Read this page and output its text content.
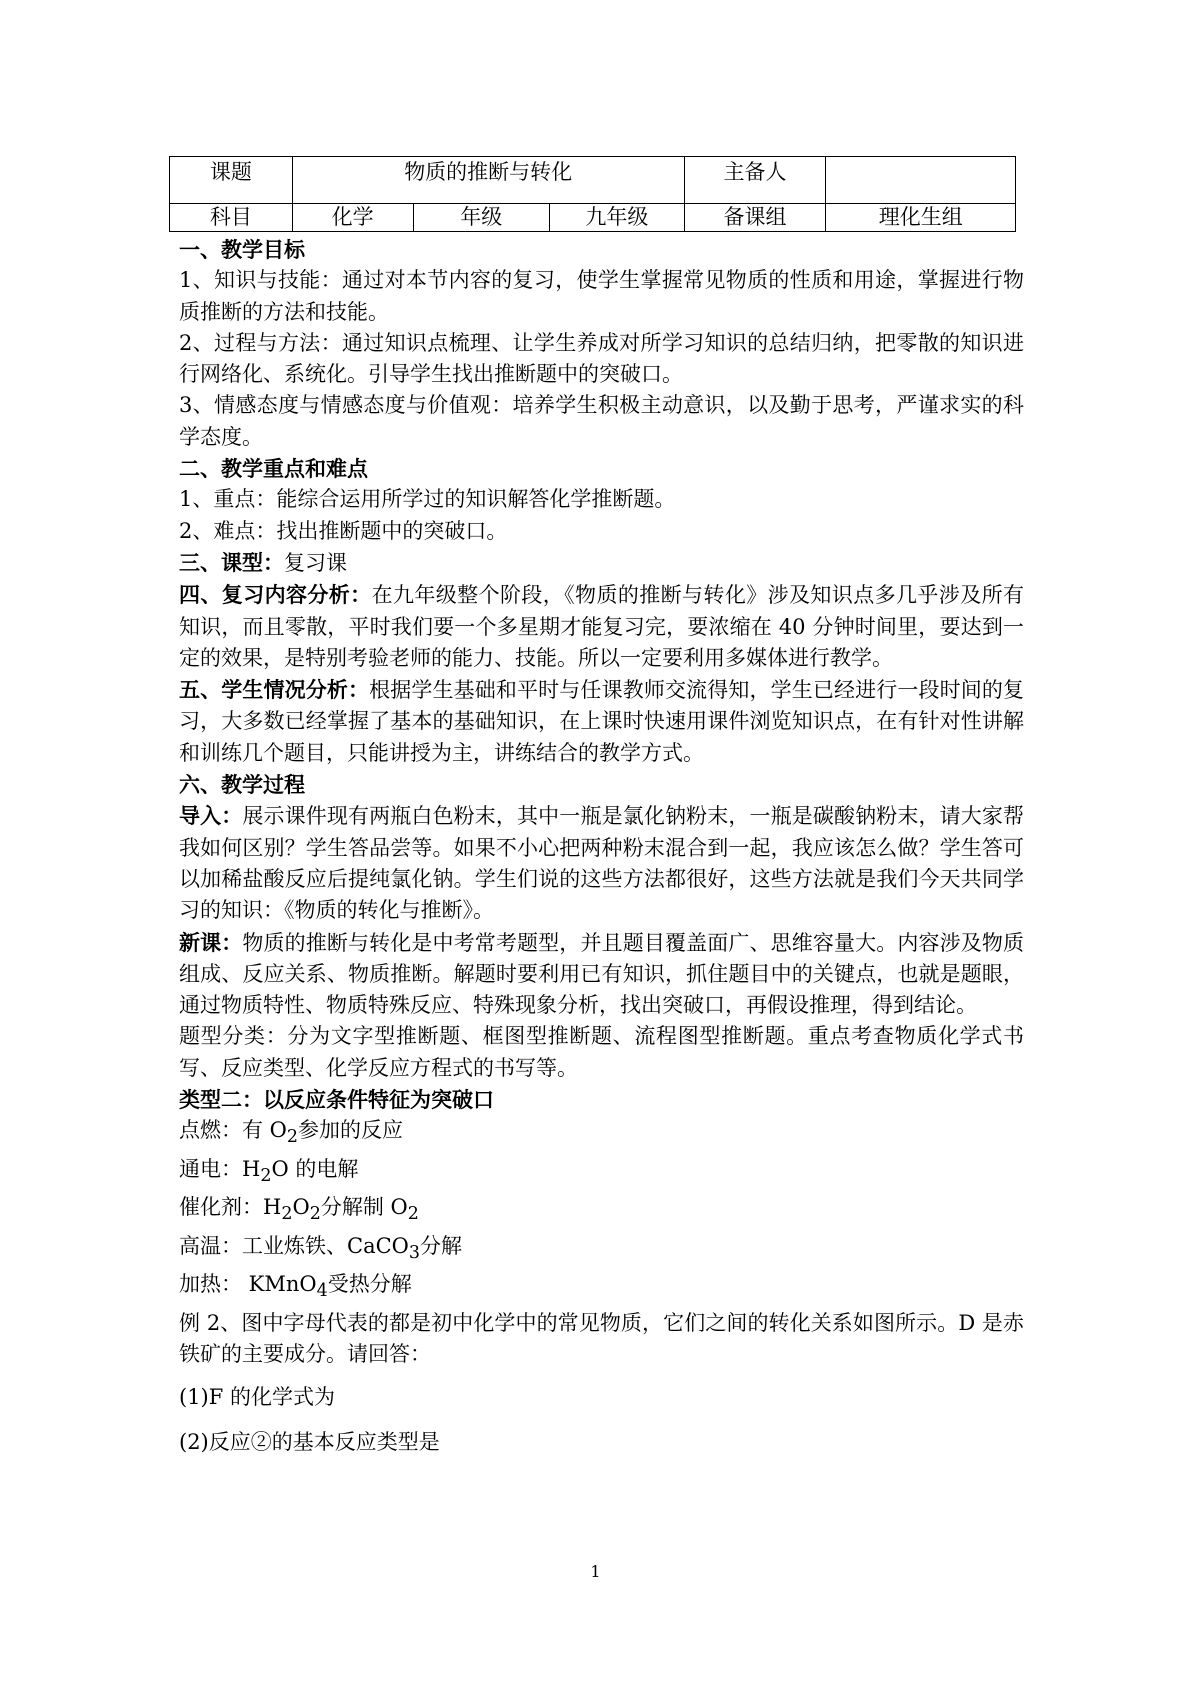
课题	物质的推断与转化			主备人	
科目	化学	年级	九年级	备课组	理化生组

一、教学目标

1、知识与技能：通过对本节内容的复习，使学生掌握常见物质的性质和用途，掌握进行物质推断的方法和技能。

2、过程与方法：通过知识点梳理、让学生养成对所学习知识的总结归纳，把零散的知识进行网络化、系统化。引导学生找出推断题中的突破口。

3、情感态度与情感态度与价值观：培养学生积极主动意识，以及勤于思考，严谨求实的科学态度。

二、教学重点和难点

1、重点：能综合运用所学过的知识解答化学推断题。

2、难点：找出推断题中的突破口。

三、课型：复习课

四、复习内容分析：在九年级整个阶段，《物质的推断与转化》涉及知识点多几乎涉及所有知识，而且零散，平时我们要一个多星期才能复习完，要浓缩在 40 分钟时间里，要达到一定的效果，是特别考验老师的能力、技能。所以一定要利用多媒体进行教学。

五、学生情况分析：根据学生基础和平时与任课教师交流得知，学生已经进行一段时间的复习，大多数已经掌握了基本的基础知识，在上课时快速用课件浏览知识点，在有针对性讲解和训练几个题目，只能讲授为主，讲练结合的教学方式。

六、教学过程

导入：展示课件现有两瓶白色粉末，其中一瓶是氯化钠粉末，一瓶是碳酸钠粉末，请大家帮我如何区别？学生答品尝等。如果不小心把两种粉末混合到一起，我应该怎么做？学生答可以加稀盐酸反应后提纯氯化钠。学生们说的这些方法都很好，这些方法就是我们今天共同学习的知识：《物质的转化与推断》。

新课：物质的推断与转化是中考常考题型，并且题目覆盖面广、思维容量大。内容涉及物质组成、反应关系、物质推断。解题时要利用已有知识，抓住题目中的关键点，也就是题眼，通过物质特性、物质特殊反应、特殊现象分析，找出突破口，再假设推理，得到结论。

题型分类：分为文字型推断题、框图型推断题、流程图型推断题。重点考查物质化学式书写、反应类型、化学反应方程式的书写等。

类型二：以反应条件特征为突破口

点燃：有 $O_2$参加的反应

通电：$H_2O$ 的电解

催化剂：$H_2O_2$分解制 $O_2$

高温：工业炼铁、CaCO$_3$分解

加热： KMnO$_4$受热分解

例 2、图中字母代表的都是初中化学中的常见物质，它们之间的转化关系如图所示。D 是赤铁矿的主要成分。请回答：

(1)F 的化学式为

(2)反应②的基本反应类型是

1
